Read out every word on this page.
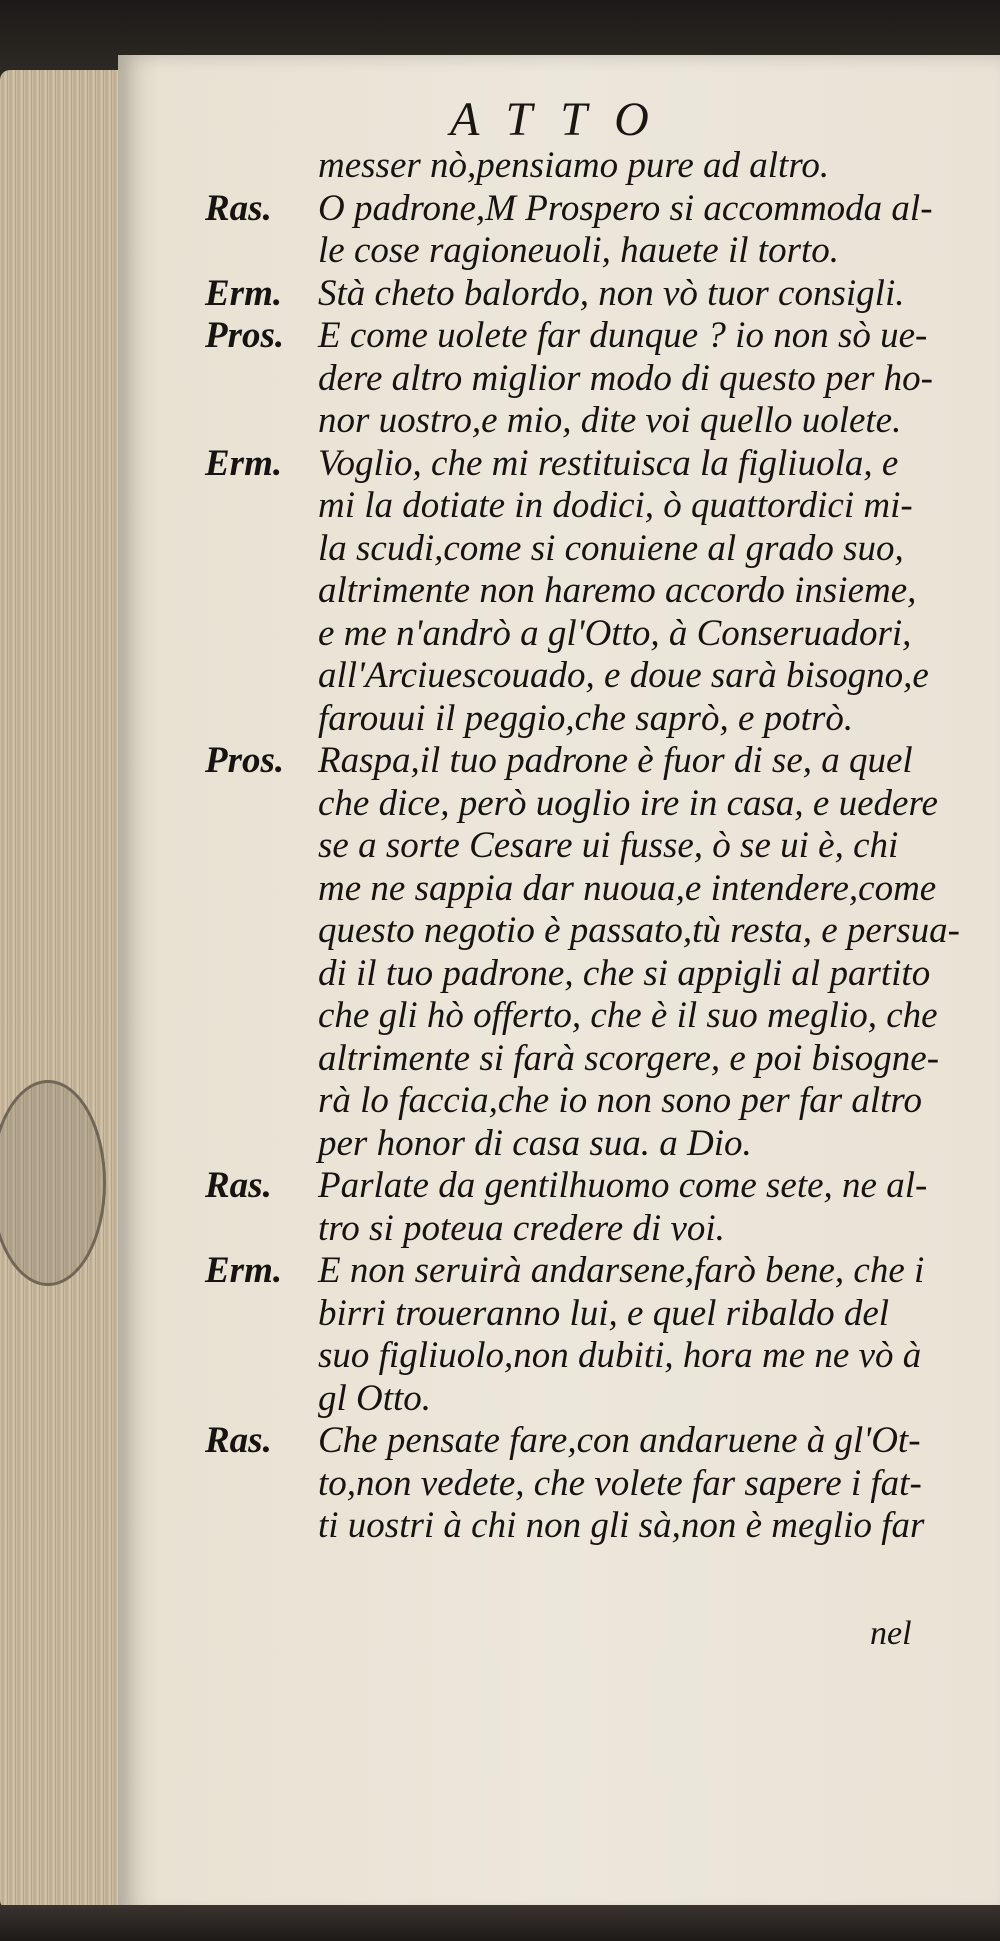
ATTO
messer nò,pensiamo pure ad altro.
Ras.	O padrone,M Prospero si accommoda al-
le cose ragioneuoli, hauete il torto.
Erm. Stà cheto balordo, non vò tuor consigli.
Pros. E come uolete far dunque ? io non sò ue-
dere altro miglior modo di questo per ho-
nor uostro,e mio, dite voi quello uolete.
Erm. Voglio, che mi restituisca la figliuola, e
mi la dotiate in dodici, ò quattordici mi-
la scudi,come si conuiene al grado suo,
altrimente non haremo accordo insieme,
e me n'andrò a gl'Otto, à Conseruadori,
all'Arciuescouado, e doue sarà bisogno,e
farouui il peggio,che saprò, e potrò.
Pros. Raspa,il tuo padrone è fuor di se, a quel
che dice, però uoglio ire in casa, e uedere
se a sorte Cesare ui fusse, ò se ui è, chi
me ne sappia dar nuoua,e intendere,come
questo negotio è passato,tù resta, e persua-
di il tuo padrone, che si appigli al partito
che gli hò offerto, che è il suo meglio, che
altrimente si farà scorgere, e poi bisogne-
rà lo faccia,che io non sono per far altro
per honor di casa sua. a Dio.
Ras.	Parlate da gentilhuomo come sete, ne al-
tro si poteua credere di voi.
Erm. E non seruirà andarsene,farò bene, che i
birri troueranno lui, e quel ribaldo del
suo figliuolo,non dubiti, hora me ne vò à
gl Otto.
Ras.	Che pensate fare,con andaruene à gl'Ot-
to,non vedete, che volete far sapere i fat-
ti uostri à chi non gli sà,non è meglio far
nel
